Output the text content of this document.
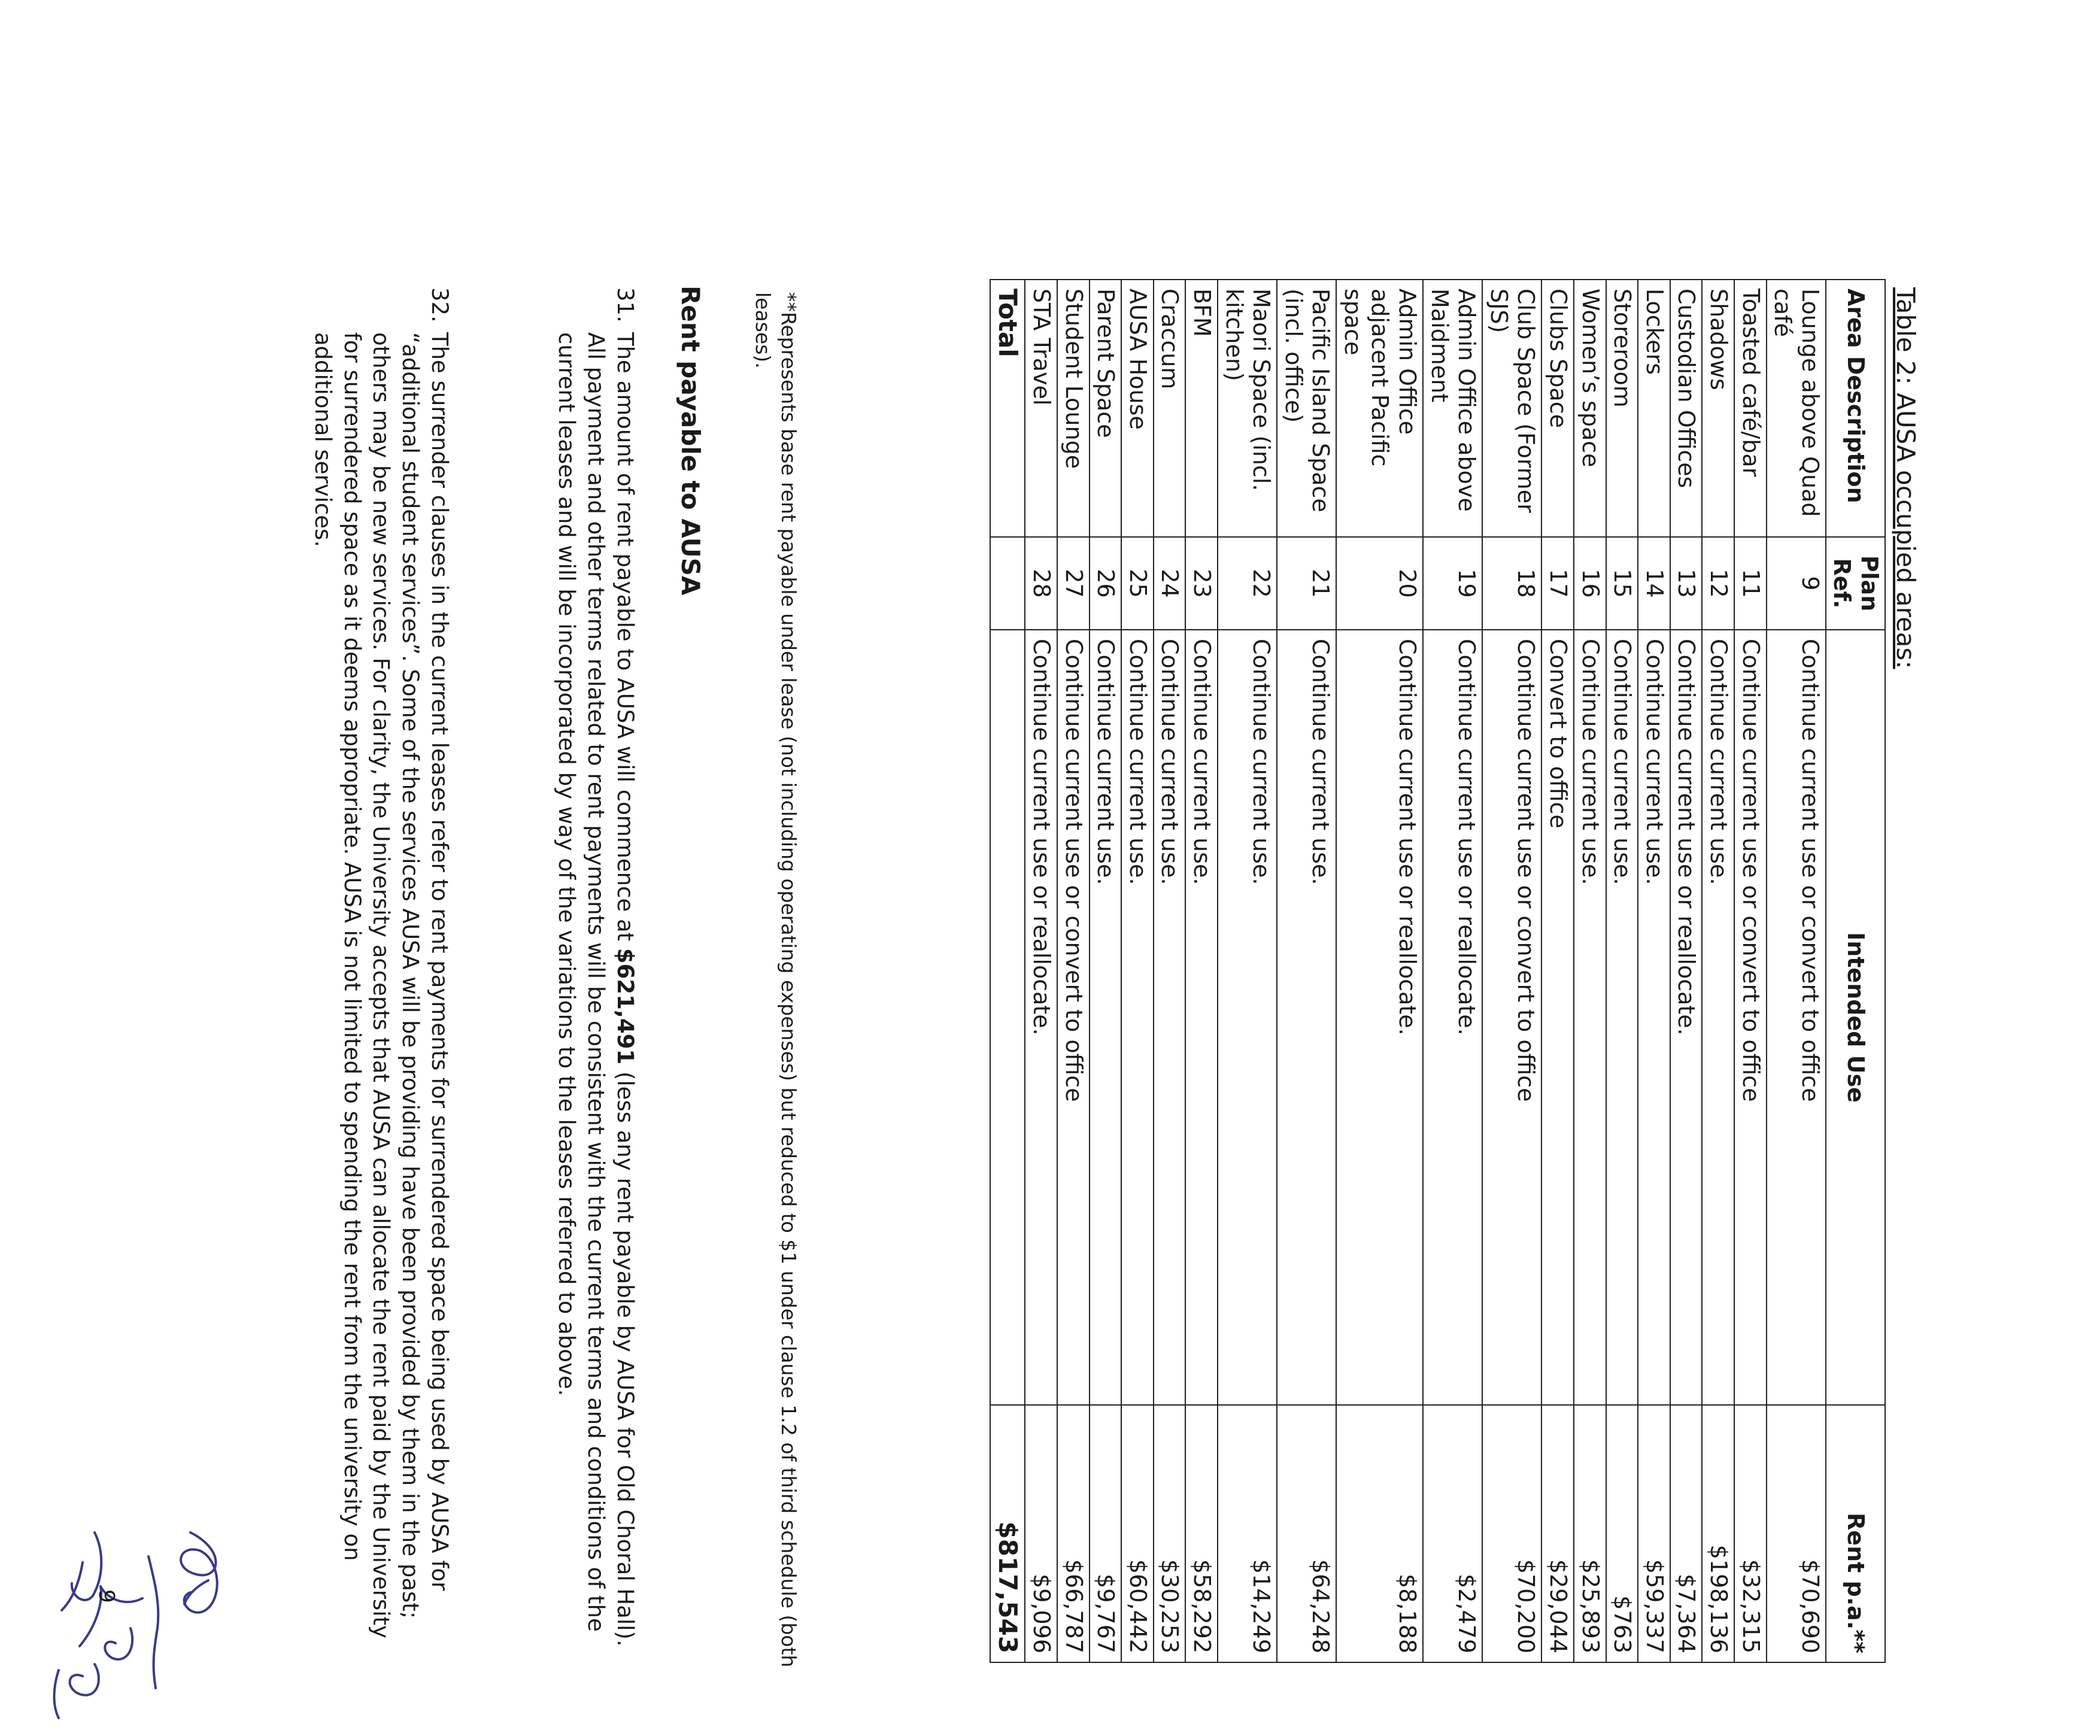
Table 2: AUSA occupied areas:
Area Description	Plan Ref.	Intended Use	Rent p.a.**
Lounge above Quad café	9	Continue current use or convert to office	$70,690
Toasted café/bar	11	Continue current use or convert to office	$32,315
Shadows	12	Continue current use.	$198,136
Custodian Offices	13	Continue current use or reallocate.	$7,364
Lockers	14	Continue current use.	$59,337
Storeroom	15	Continue current use.	$763
Women’s space	16	Continue current use.	$25,893
Clubs Space	17	Convert to office	$29,044
Club Space (Former SJS)	18	Continue current use or convert to office	$70,200
Admin Office above Maidment	19	Continue current use or reallocate.	$2,479
Admin Office adjacent Pacific space	20	Continue current use or reallocate.	$8,188
Pacific Island Space (incl. office)	21	Continue current use.	$64,248
Maori Space (incl. kitchen)	22	Continue current use.	$14,249
BFM	23	Continue current use.	$58,292
Craccum	24	Continue current use.	$30,253
AUSA House	25	Continue current use.	$60,442
Parent Space	26	Continue current use.	$9,767
Student Lounge	27	Continue current use or convert to office	$66,787
STA Travel	28	Continue current use or reallocate.	$9,096
Total			$817,543
**Represents base rent payable under lease (not including operating expenses) but reduced to $1 under clause 1.2 of third schedule (both leases).
Rent payable to AUSA
31.
The amount of rent payable to AUSA will commence at $621,491 (less any rent payable by AUSA for Old Choral Hall). All payment and other terms related to rent payments will be consistent with the current terms and conditions of the current leases and will be incorporated by way of the variations to the leases referred to above.
32.
The surrender clauses in the current leases refer to rent payments for surrendered space being used by AUSA for “additional student services”. Some of the services AUSA will be providing have been provided by them in the past; others may be new services. For clarity, the University accepts that AUSA can allocate the rent paid by the University for surrendered space as it deems appropriate. AUSA is not limited to spending the rent from the university on additional services.
9
